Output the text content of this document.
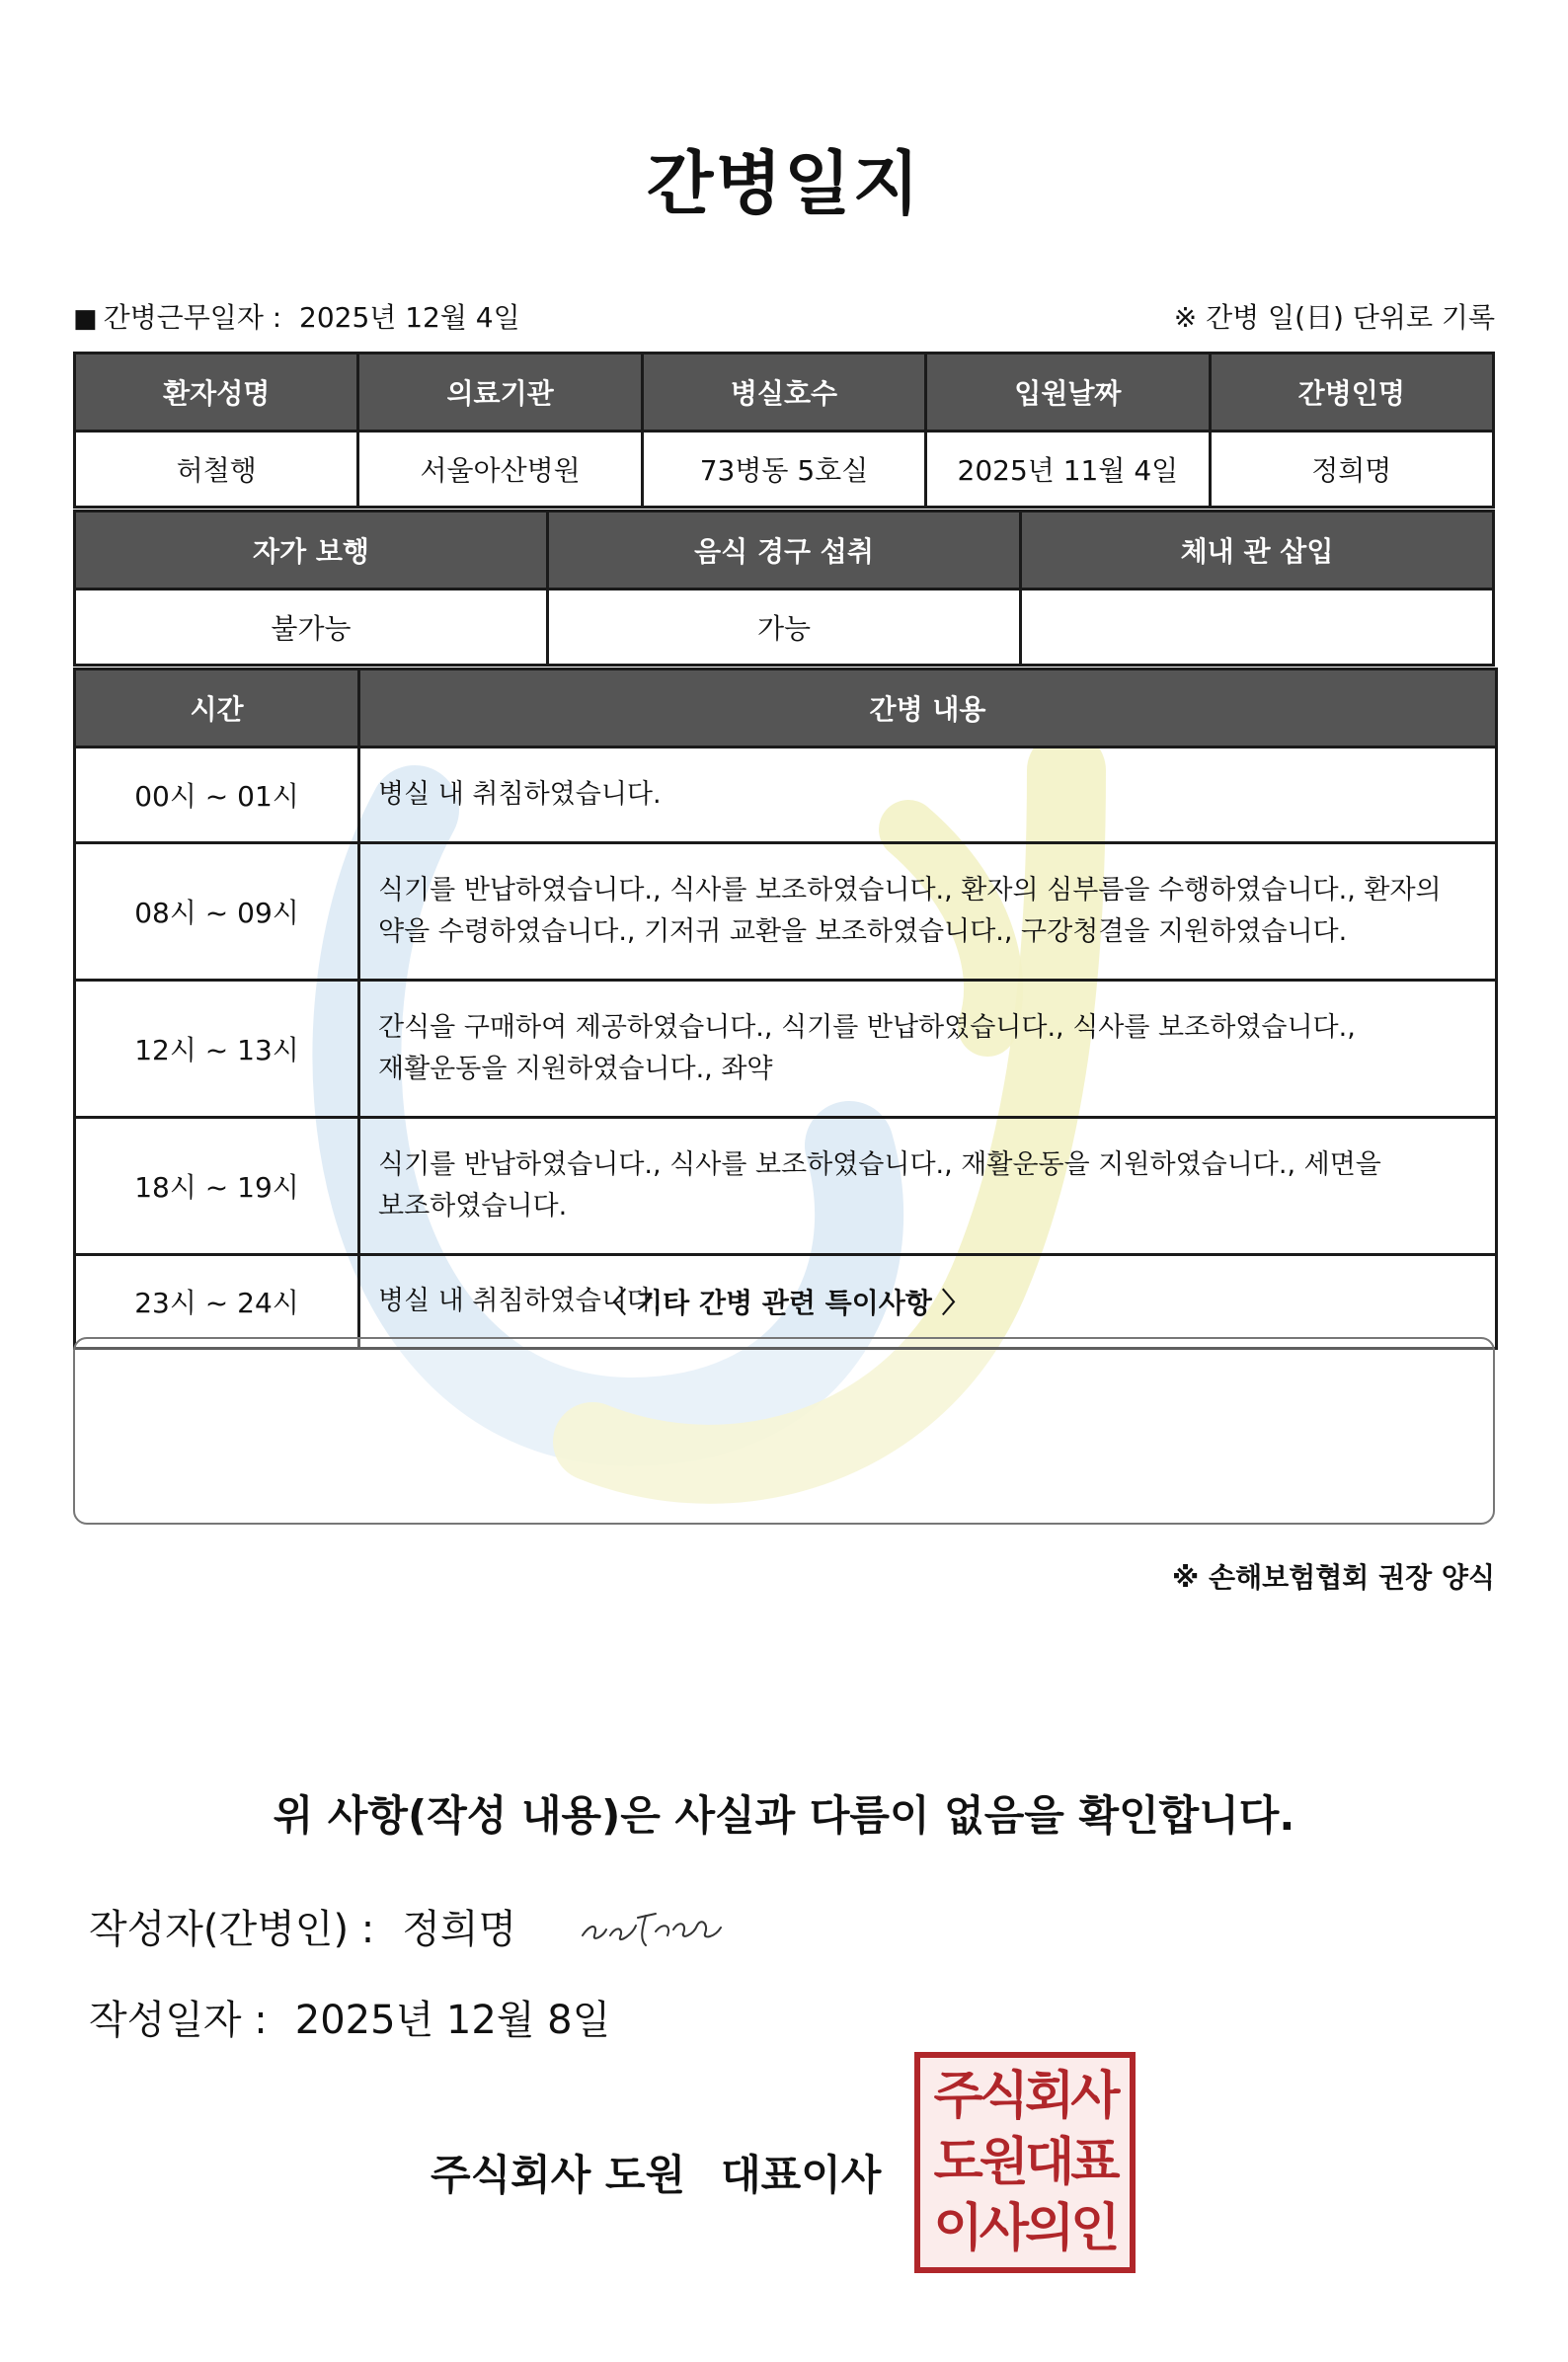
간병일지
■ 간병근무일자 : 2025년 12월 4일	※ 간병 일(日) 단위로 기록
환자성명	의료기관	병실호수	입원날짜	간병인명
허철행	서울아산병원	73병동 5호실	2025년 11월 4일	정희명
자가 보행	음식 경구 섭취	체내 관 삽입
불가능	가능	
시간	간병 내용
00시 ~ 01시	병실 내 취침하였습니다.
08시 ~ 09시	식기를 반납하였습니다., 식사를 보조하였습니다., 환자의 심부름을 수행하였습니다., 환자의 약을 수령하였습니다., 기저귀 교환을 보조하였습니다., 구강청결을 지원하였습니다.
12시 ~ 13시	간식을 구매하여 제공하였습니다., 식기를 반납하였습니다., 식사를 보조하였습니다., 재활운동을 지원하였습니다., 좌약
18시 ~ 19시	식기를 반납하였습니다., 식사를 보조하였습니다., 재활운동을 지원하였습니다., 세면을 보조하였습니다.
23시 ~ 24시	병실 내 취침하였습니다.
〈 기타 간병 관련 특이사항 〉
※ 손해보험협회 권장 양식
위 사항(작성 내용)은 사실과 다름이 없음을 확인합니다.
작성자(간병인) : 정희명
작성일자 : 2025년 12월 8일
주식회사 도원 대표이사
주식회사
도원대표
이사의인
